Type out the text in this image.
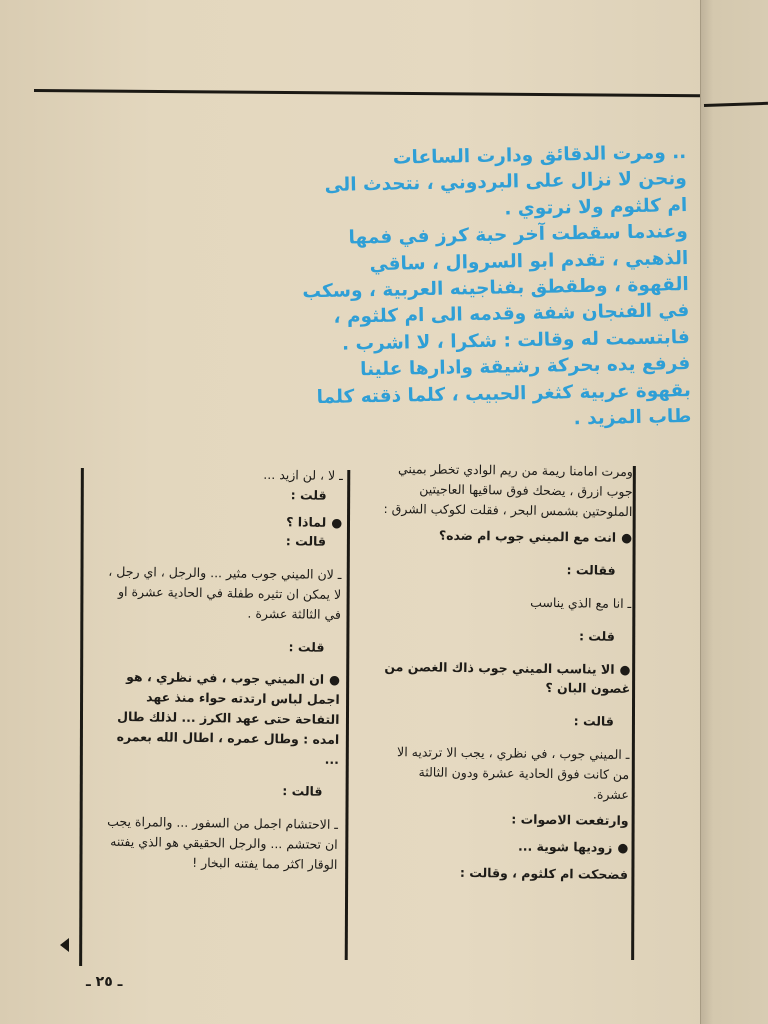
.. ومرت الدقائق ودارت الساعات

ونحن لا نزال على البردوني ، نتحدث الى

ام كلثوم ولا نرتوي .

وعندما سقطت آخر حبة كرز في فمها

الذهبي ، تقدم ابو السروال ، ساقي

القهوة ، وطقطق بفناجينه العربية ، وسكب

في الفنجان شفة وقدمه الى ام كلثوم ،

فابتسمت له وقالت : شكرا ، لا اشرب .

فرفع يده بحركة رشيقة وادارها علينا

بقهوة عربية كثغر الحبيب ، كلما ذقته كلما

طاب المزيد .

ومرت امامنا ريمة من ريم الوادي تخطر بميني جوب ازرق ، يضحك فوق ساقيها العاجيتين الملوحتين بشمس البحر ، فقلت لكوكب الشرق :

● انت مع الميني جوب ام ضده؟

فقالت :

ـ انا مع الذي يناسب

قلت :

● الا يناسب الميني جوب ذاك الغصن من غصون البان ؟

قالت :

ـ الميني جوب ، في نظري ، يجب الا ترتديه الا من كانت فوق الحادية عشرة ودون الثالثة عشرة.

وارتفعت الاصوات :

● زوديها شوية ...

فضحكت ام كلثوم ، وقالت :

ـ لا ، لن ازيد ...

قلت :

● لماذا ؟

قالت :

ـ لان الميني جوب مثير ... والرجل ، اي رجل ، لا يمكن ان تثيره طفلة في الحادية عشرة او في الثالثة عشرة .

قلت :

● ان الميني جوب ، في نظري ، هو اجمل لباس ارتدته حواء منذ عهد التفاحة حتى عهد الكرز ... لذلك طال امده : وطال عمره ، اطال الله بعمره ...

قالت :

ـ الاحتشام اجمل من السفور ... والمراة يجب ان تحتشم ... والرجل الحقيقي هو الذي يفتنه الوقار اكثر مما يفتنه البخار !

ـ ٢٥ ـ
